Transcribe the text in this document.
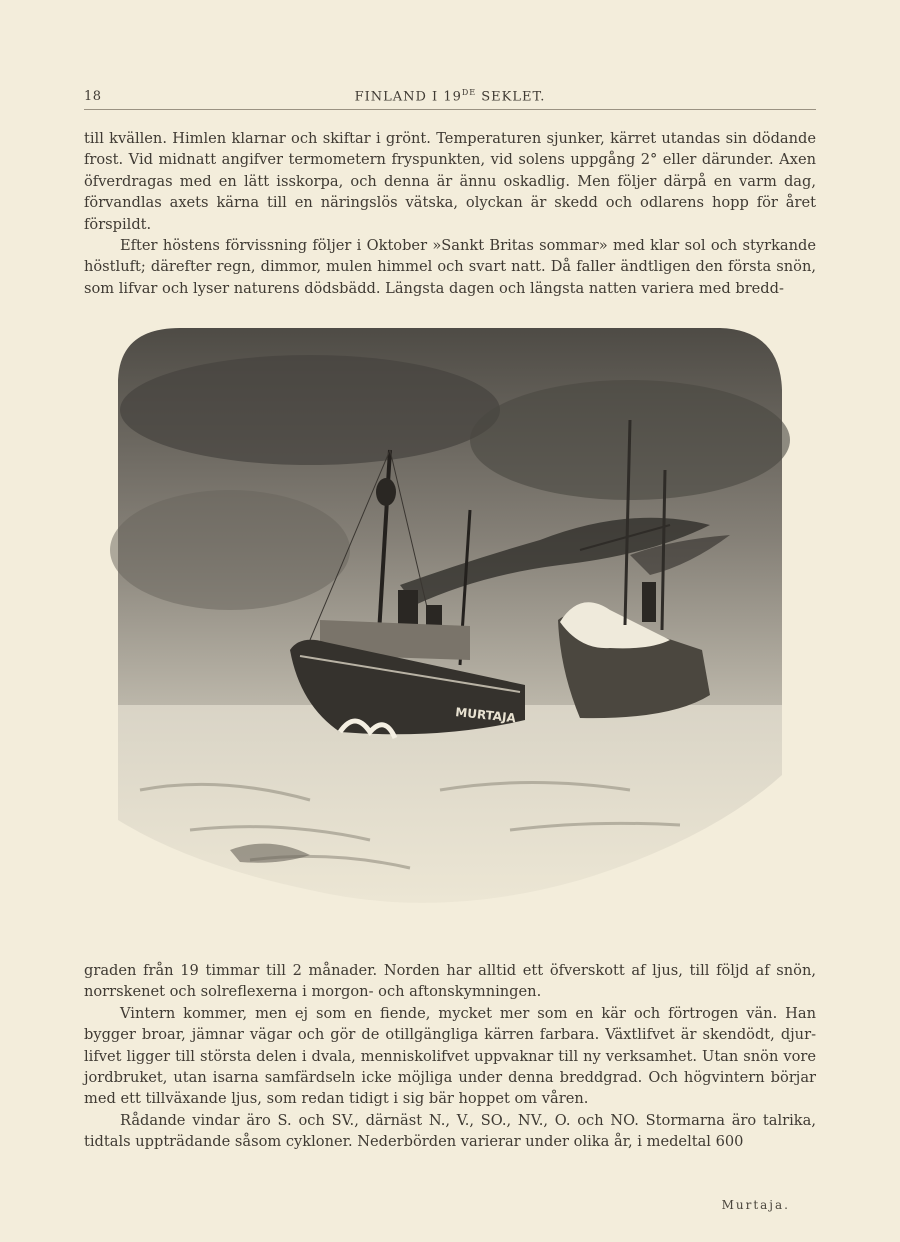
18	FINLAND I 19DE SEKLET.

till kvällen. Himlen klarnar och skiftar i grönt. Temperaturen sjunker, kärret utandas sin dödande frost. Vid midnatt angifver termometern fryspunkten, vid solens uppgång 2° eller därunder. Axen öfverdragas med en lätt isskorpa, och denna är ännu oskadlig. Men följer därpå en varm dag, förvandlas axets kärna till en näringslös vätska, olyckan är skedd och odlarens hopp för året förspildt.

Efter höstens förvissning följer i Oktober »Sankt Britas sommar» med klar sol och styrkande höstluft; därefter regn, dimmor, mulen himmel och svart natt. Då faller ändtligen den första snön, som lifvar och lyser naturens dödsbädd. Längsta dagen och längsta natten variera med bredd-

MURTAJA
Murtaja.

graden från 19 timmar till 2 månader. Norden har alltid ett öfverskott af ljus, till följd af snön, norrskenet och solreflexerna i morgon- och aftonskymningen.

Vintern kommer, men ej som en fiende, mycket mer som en kär och förtrogen vän. Han bygger broar, jämnar vägar och gör de otillgängliga kärren farbara. Växtlifvet är skendödt, djurlifvet ligger till största delen i dvala, menniskolifvet uppvaknar till ny verksamhet. Utan snön vore jordbruket, utan isarna samfärdseln icke möjliga under denna breddgrad. Och högvintern börjar med ett tillväxande ljus, som redan tidigt i sig bär hoppet om våren.

Rådande vindar äro S. och SV., därnäst N., V., SO., NV., O. och NO. Stormarna äro talrika, tidtals uppträdande såsom cykloner. Nederbörden varierar under olika år, i medeltal 600
